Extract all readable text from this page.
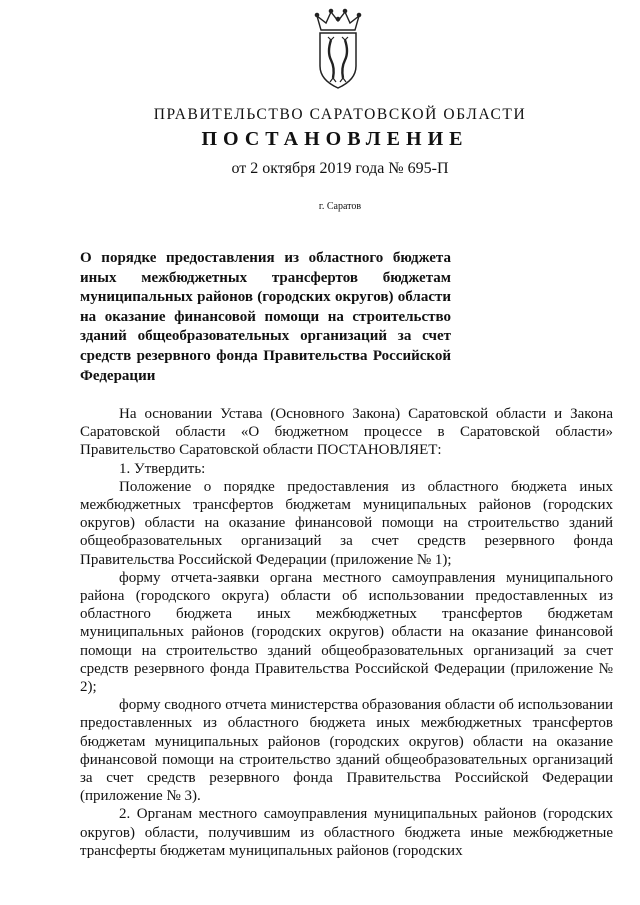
ПРАВИТЕЛЬСТВО САРАТОВСКОЙ ОБЛАСТИ
ПОСТАНОВЛЕНИЕ
от 2 октября 2019 года № 695-П
г. Саратов
О порядке предоставления из областного бюджета иных межбюджетных трансфертов бюджетам муниципальных районов (городских округов) области на оказание финансовой помощи на строительство зданий общеобразовательных организаций за счет средств резервного фонда Правительства Российской Федерации

На основании Устава (Основного Закона) Саратовской области и Закона Саратовской области «О бюджетном процессе в Саратовской области» Правительство Саратовской области ПОСТАНОВЛЯЕТ:

1. Утвердить:

Положение о порядке предоставления из областного бюджета иных межбюджетных трансфертов бюджетам муниципальных районов (городских округов) области на оказание финансовой помощи на строительство зданий общеобразовательных организаций за счет средств резервного фонда Правительства Российской Федерации (приложение № 1);

форму отчета-заявки органа местного самоуправления муниципального района (городского округа) области об использовании предоставленных из областного бюджета иных межбюджетных трансфертов бюджетам муниципальных районов (городских округов) области на оказание финансовой помощи на строительство зданий общеобразовательных организаций за счет средств резервного фонда Правительства Российской Федерации (приложение № 2);

форму сводного отчета министерства образования области об использовании предоставленных из областного бюджета иных межбюджетных трансфертов бюджетам муниципальных районов (городских округов) области на оказание финансовой помощи на строительство зданий общеобразовательных организаций за счет средств резервного фонда Правительства Российской Федерации (приложение № 3).

2. Органам местного самоуправления муниципальных районов (городских округов) области, получившим из областного бюджета иные межбюджетные трансферты бюджетам муниципальных районов (городских
